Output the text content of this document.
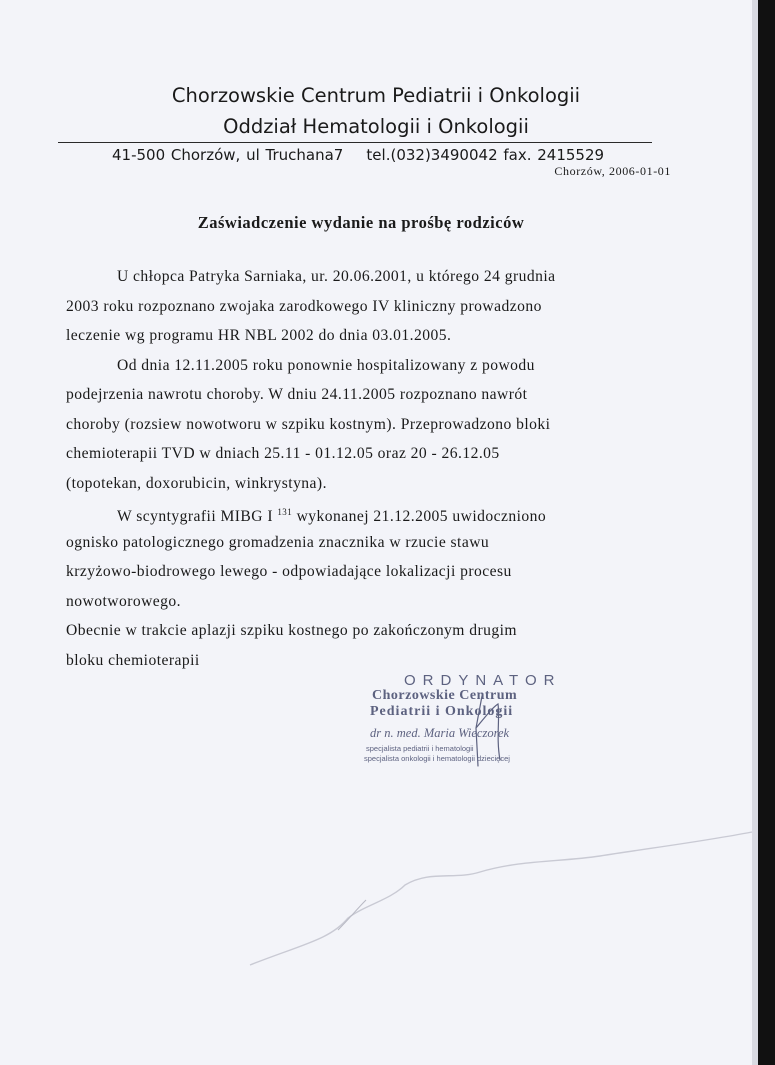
Chorzowskie Centrum Pediatrii i Onkologii
Oddział Hematologii i Onkologii
41-500 Chorzów, ul Truchana7 tel.(032)3490042 fax. 2415529
Chorzów, 2006-01-01
Zaświadczenie wydanie na prośbę rodziców
U chłopca Patryka Sarniaka, ur. 20.06.2001, u którego 24 grudnia
2003 roku rozpoznano zwojaka zarodkowego IV kliniczny prowadzono
leczenie wg programu HR NBL 2002 do dnia 03.01.2005.
Od dnia 12.11.2005 roku ponownie hospitalizowany z powodu
podejrzenia nawrotu choroby. W dniu 24.11.2005 rozpoznano nawrót
choroby (rozsiew nowotworu w szpiku kostnym). Przeprowadzono bloki
chemioterapii TVD w dniach 25.11 - 01.12.05 oraz 20 - 26.12.05
(topotekan, doxorubicin, winkrystyna).
W scyntygrafii MIBG I $^{131}$ wykonanej 21.12.2005 uwidoczniono
ognisko patologicznego gromadzenia znacznika w rzucie stawu
krzyżowo-biodrowego lewego - odpowiadające lokalizacji procesu
nowotworowego.
Obecnie w trakcie aplazji szpiku kostnego po zakończonym drugim
bloku chemioterapii
ORDYNATOR
Chorzowskie Centrum
Pediatrii i Onkologii
dr n. med. Maria Wieczorek
specjalista pediatrii i hematologii
specjalista onkologii i hematologii dziecięcej
